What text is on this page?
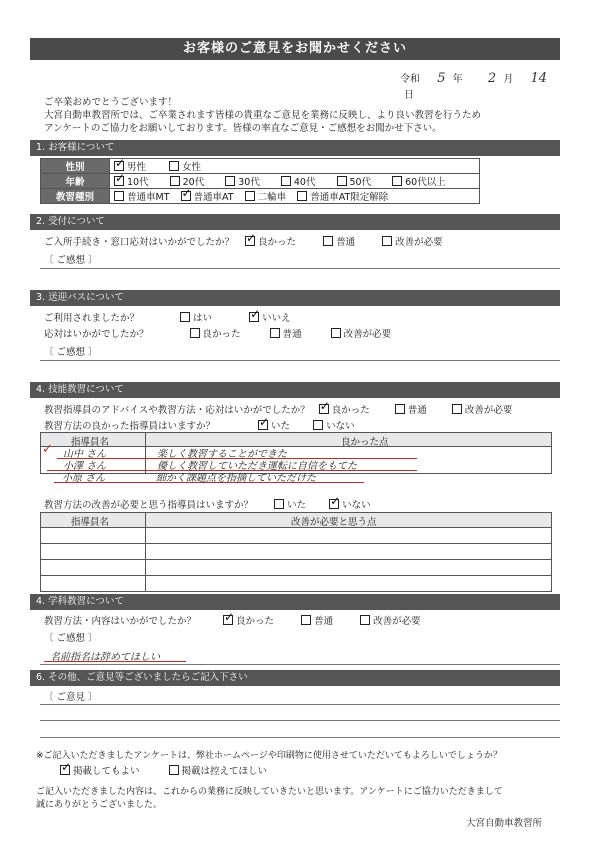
お客様のご意見をお聞かせください
令和 5 年 2 月 14 日
ご卒業おめでとうございます！
大宮自動車教習所では、ご卒業されます皆様の貴重なご意見を業務に反映し、より良い教習を行うため
アンケートのご協力をお願いしております。皆様の率直なご意見・ご感想をお聞かせ下さい。
1. お客様について
性別	✓男性 女性
年齢	✓10代 20代 30代 40代 50代 60代以上
教習種別	普通車MT ✓ 普通車AT 二輪車 普通車AT限定解除
2. 受付について
ご入所手続き・窓口応対はいかがでしたか？ ✓	良かった	普通	改善が必要
〔 ご感想 〕
3. 送迎バスについて
ご利用されましたか？	はい ✓	いいえ
応対はいかがでしたか？	良かった	普通	改善が必要
〔 ご感想 〕
4. 技能教習について
教習指導員のアドバイスや教習方法・応対はいかがでしたか？ ✓ 良かった	普通	改善が必要
教習方法の良かった指導員はいますか？ ✓	いた	いない
指導員名	良かった点
山中 さん	楽しく教習することができた
小澤 さん	優しく教習していただき運転に自信をもてた
小原 さん	細かく課題点を指摘していただけた
✓
教習方法の改善が必要と思う指導員はいますか？	いた ✓	いない
指導員名	改善が必要と思う点
4. 学科教習について
教習方法・内容はいかがでしたか？ ✓	良かった	普通	改善が必要
〔 ご感想 〕
名前指名は辞めてほしい
6. その他、ご意見等ございましたらご記入下さい
〔 ご意見 〕
※ご記入いただきましたアンケートは、弊社ホームページや印刷物に使用させていただいてもよろしいでしょうか？
✓掲載してもよい	掲載は控えてほしい
ご記入いただきました内容は、これからの業務に反映していきたいと思います。アンケートにご協力いただきまして
誠にありがとうございました。
大宮自動車教習所
